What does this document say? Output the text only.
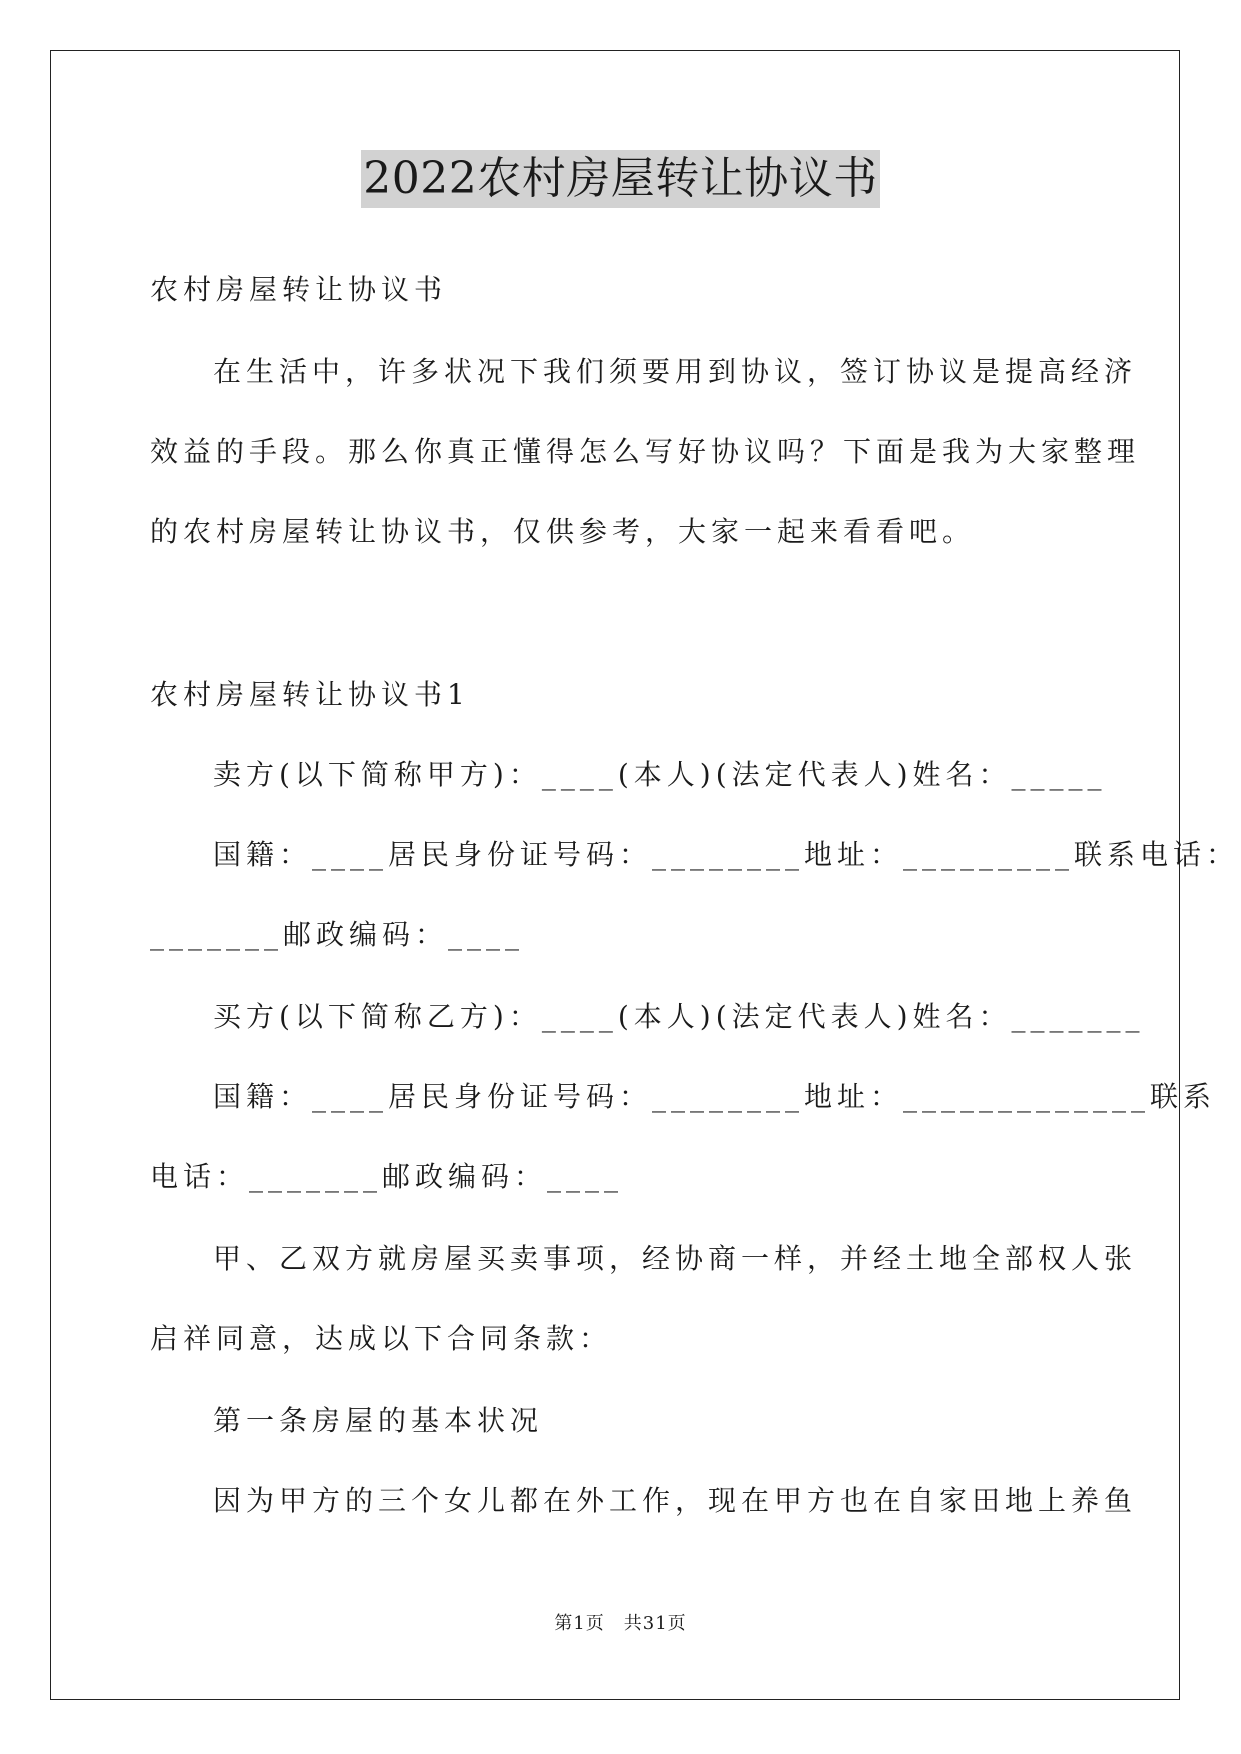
2022农村房屋转让协议书
农村房屋转让协议书
在生活中，许多状况下我们须要用到协议，签订协议是提高经济
效益的手段。那么你真正懂得怎么写好协议吗？下面是我为大家整理
的农村房屋转让协议书，仅供参考，大家一起来看看吧。
农村房屋转让协议书1
卖方(以下简称甲方)：____(本人)(法定代表人)姓名：_____
国籍：____居民身份证号码：________地址：_________联系电话：
_______邮政编码：____
买方(以下简称乙方)：____(本人)(法定代表人)姓名：_______
国籍：____居民身份证号码：________地址：_____________联系
电话：_______邮政编码：____
甲、乙双方就房屋买卖事项，经协商一样，并经土地全部权人张
启祥同意，达成以下合同条款：
第一条房屋的基本状况
因为甲方的三个女儿都在外工作，现在甲方也在自家田地上养鱼
第1页　共31页
